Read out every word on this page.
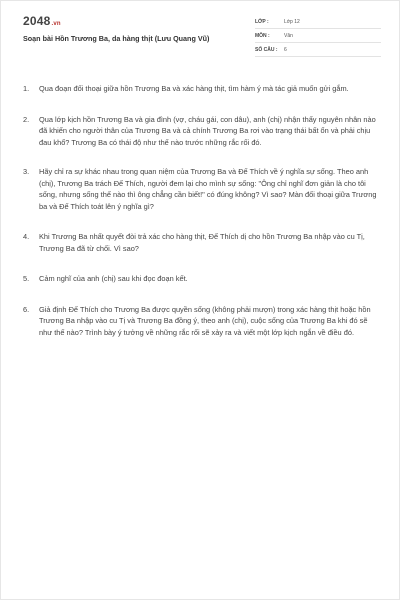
2048.vn
Soạn bài Hồn Trương Ba, da hàng thịt (Lưu Quang Vũ)
LỚP :	Lớp 12
MÔN :	Văn
SỐ CÂU :	6
1.	Qua đoạn đối thoại giữa hồn Trương Ba và xác hàng thịt, tìm hàm ý mà tác giả muốn gửi gắm.
2.	Qua lớp kịch hồn Trương Ba và gia đình (vợ, cháu gái, con dâu), anh (chị) nhận thấy nguyên nhân nào đã khiến cho người thân của Trương Ba và cả chính Trương Ba rơi vào trạng thái bất ổn và phải chịu đau khổ? Trương Ba có thái độ như thế nào trước những rắc rối đó.
3.	Hãy chỉ ra sự khác nhau trong quan niệm của Trương Ba và Đế Thích về ý nghĩa sự sống. Theo anh (chị), Trương Ba trách Đế Thích, người đem lại cho mình sự sống: "Ông chỉ nghĩ đơn giản là cho tôi sống, nhưng sống thế nào thì ông chẳng cần biết!" có đúng không? Vì sao? Màn đối thoại giữa Trương ba và Đế Thích toát lên ý nghĩa gì?
4.	Khi Trương Ba nhất quyết đòi trả xác cho hàng thịt, Đế Thích dị cho hồn Trương Ba nhập vào cu Tị, Trương Ba đã từ chối. Vì sao?
5.	Cảm nghĩ của anh (chị) sau khi đọc đoạn kết.
6.	Giả định Đế Thích cho Trương Ba được quyền sống (không phải mượn) trong xác hàng thịt hoặc hồn Trương Ba nhập vào cu Tị và Trương Ba đồng ý, theo anh (chị), cuộc sống của Trương Ba khi đó sẽ như thế nào? Trình bày ý tưởng về những rắc rối sẽ xảy ra và viết một lớp kịch ngắn về điều đó.
